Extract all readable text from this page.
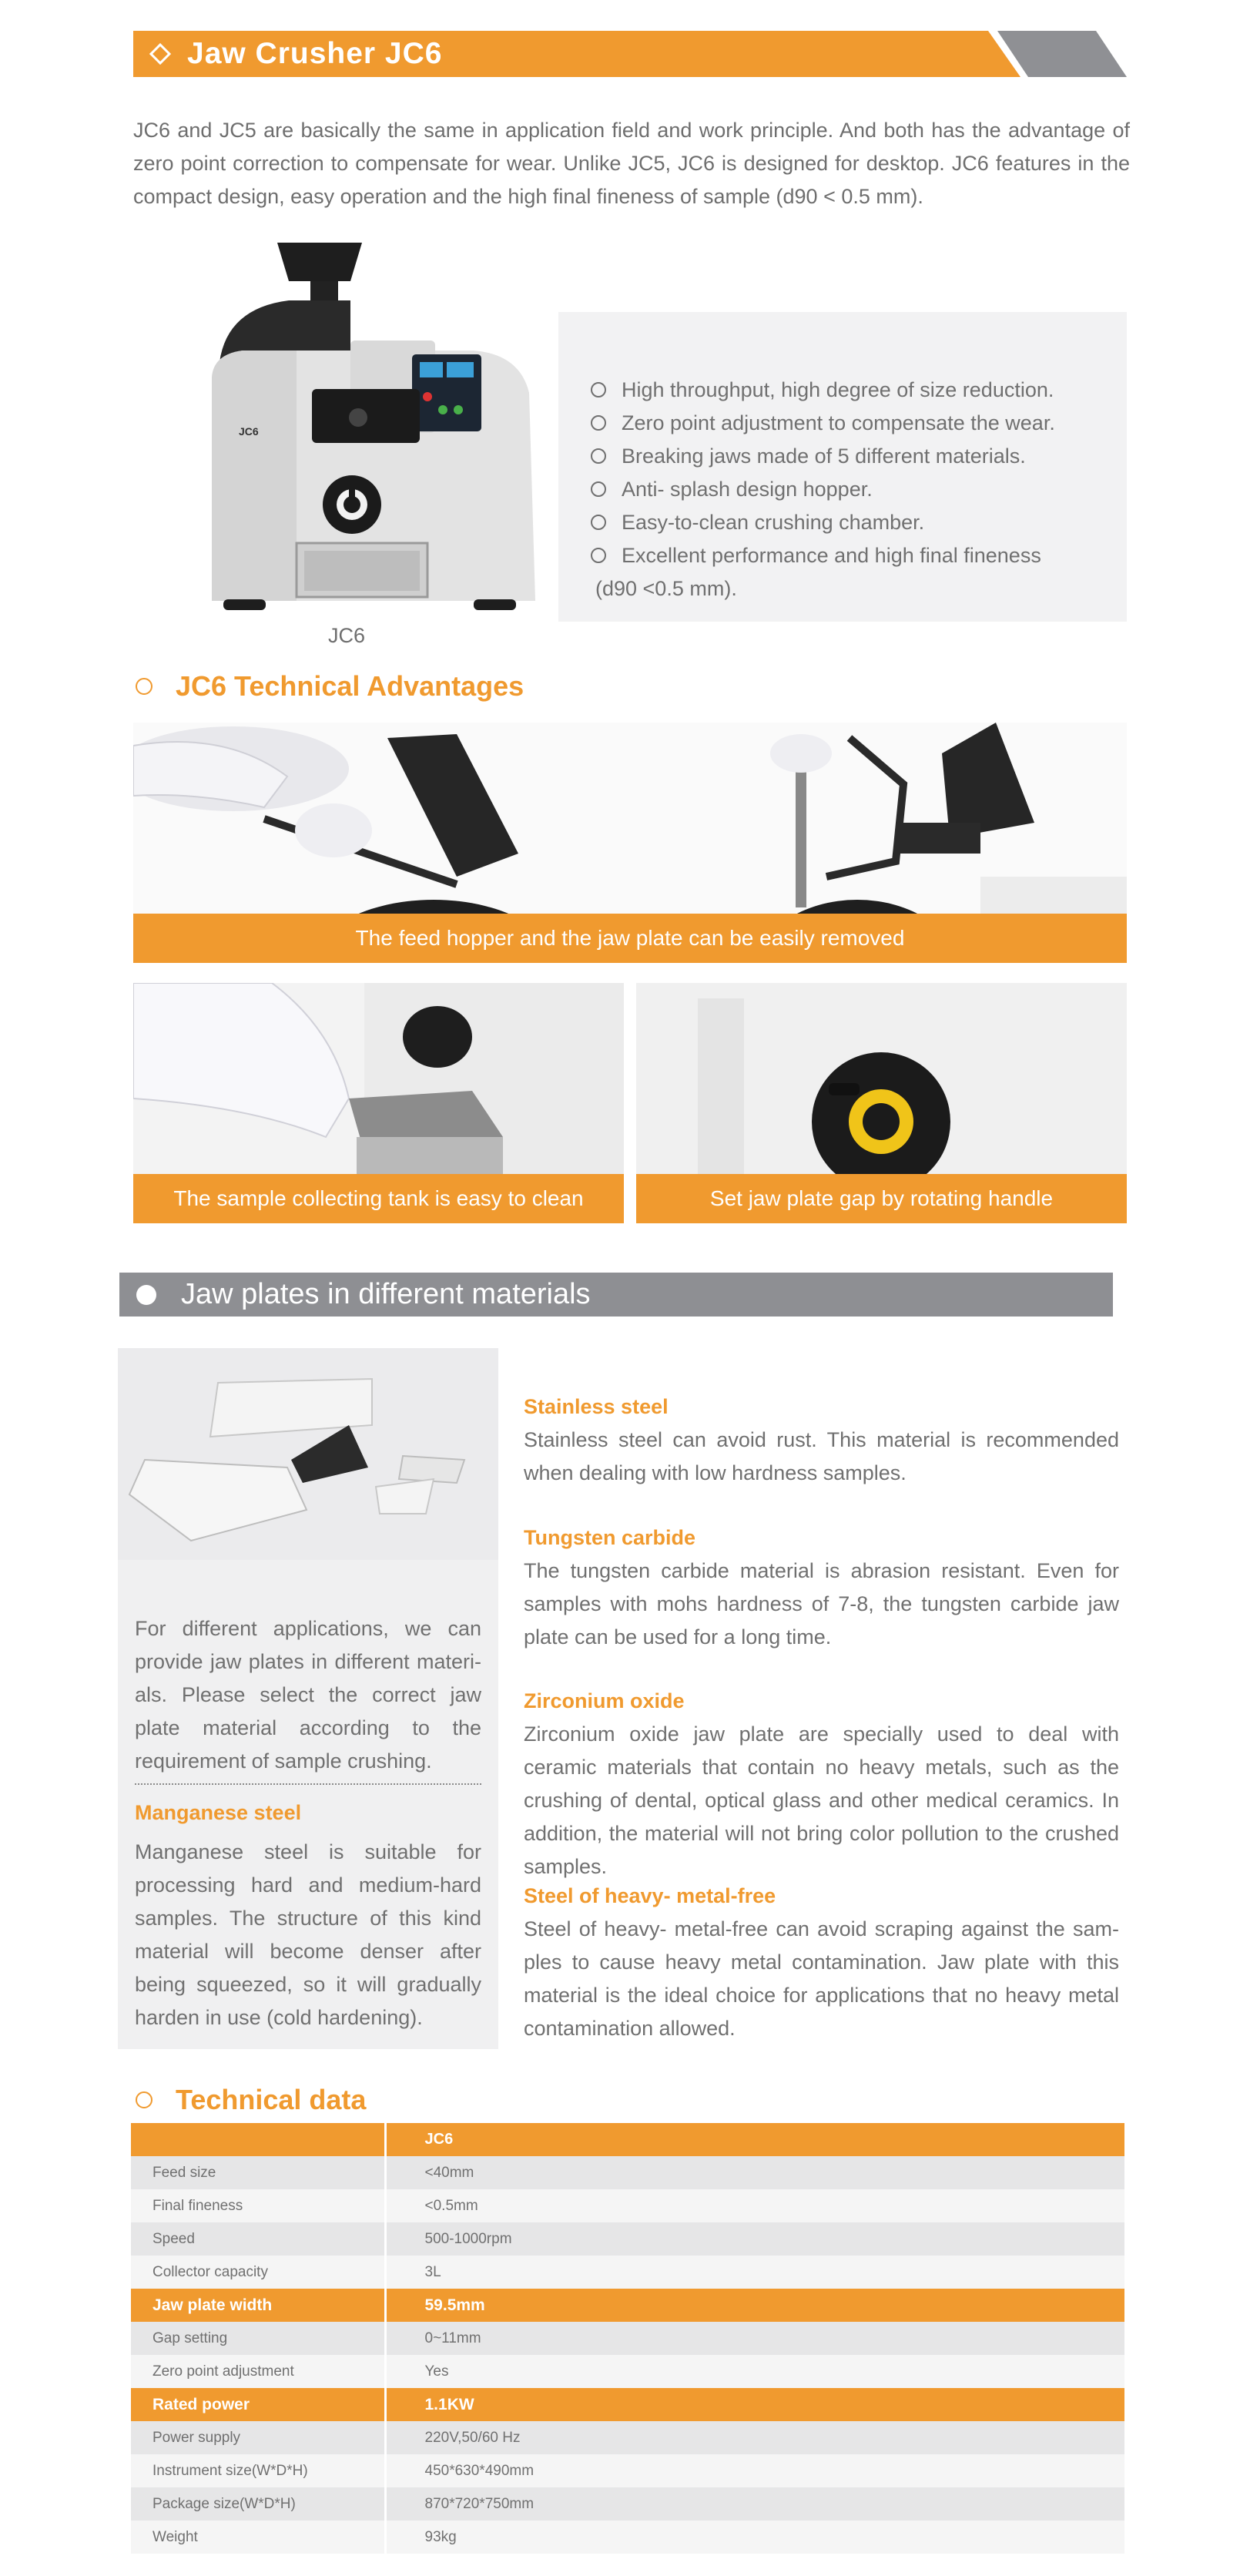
Jaw Crusher JC6

JC6 and JC5 are basically the same in application field and work principle. And both has the advantage of zero point correction to compensate for wear. Unlike JC5, JC6 is designed for desktop. JC6 features in the compact design, easy operation and the high final fineness of sample (d90 < 0.5 mm).

JC6
JC6
High throughput, high degree of size reduction.
Zero point adjustment to compensate the wear.
Breaking jaws made of 5 different materials.
Anti- splash design hopper.
Easy-to-clean crushing chamber.
Excellent performance and high final fineness
(d90 <0.5 mm).
JC6 Technical Advantages
The feed hopper and the jaw plate can be easily removed
The sample collecting tank is easy to clean	Set jaw plate gap by rotating handle
Jaw plates in different materials

For different applications, we can provide jaw plates in different materi-als. Please select the correct jaw plate material according to the requirement of sample crushing.

Manganese steel

Manganese steel is suitable for processing hard and medium-hard samples. The structure of this kind material will become denser after being squeezed, so it will gradually harden in use (cold hardening).

Stainless steel

Stainless steel can avoid rust. This material is recommended when dealing with low hardness samples.

Tungsten carbide

The tungsten carbide material is abrasion resistant. Even for samples with mohs hardness of 7-8, the tungsten carbide jaw plate can be used for a long time.

Zirconium oxide

Zirconium oxide jaw plate are specially used to deal with ceramic materials that contain no heavy metals, such as the crushing of dental, optical glass and other medical ceramics. In addition, the material will not bring color pollution to the crushed samples.

Steel of heavy- metal-free

Steel of heavy- metal-free can avoid scraping against the sam-ples to cause heavy metal contamination. Jaw plate with this material is the ideal choice for applications that no heavy metal contamination allowed.

Technical data
	JC6
Feed size	<40mm
Final fineness	<0.5mm
Speed	500-1000rpm
Collector capacity	3L
Jaw plate width	59.5mm
Gap setting	0~11mm
Zero point adjustment	Yes
Rated power	1.1KW
Power supply	220V,50/60 Hz
Instrument size(W*D*H)	450*630*490mm
Package size(W*D*H)	870*720*750mm
Weight	93kg
